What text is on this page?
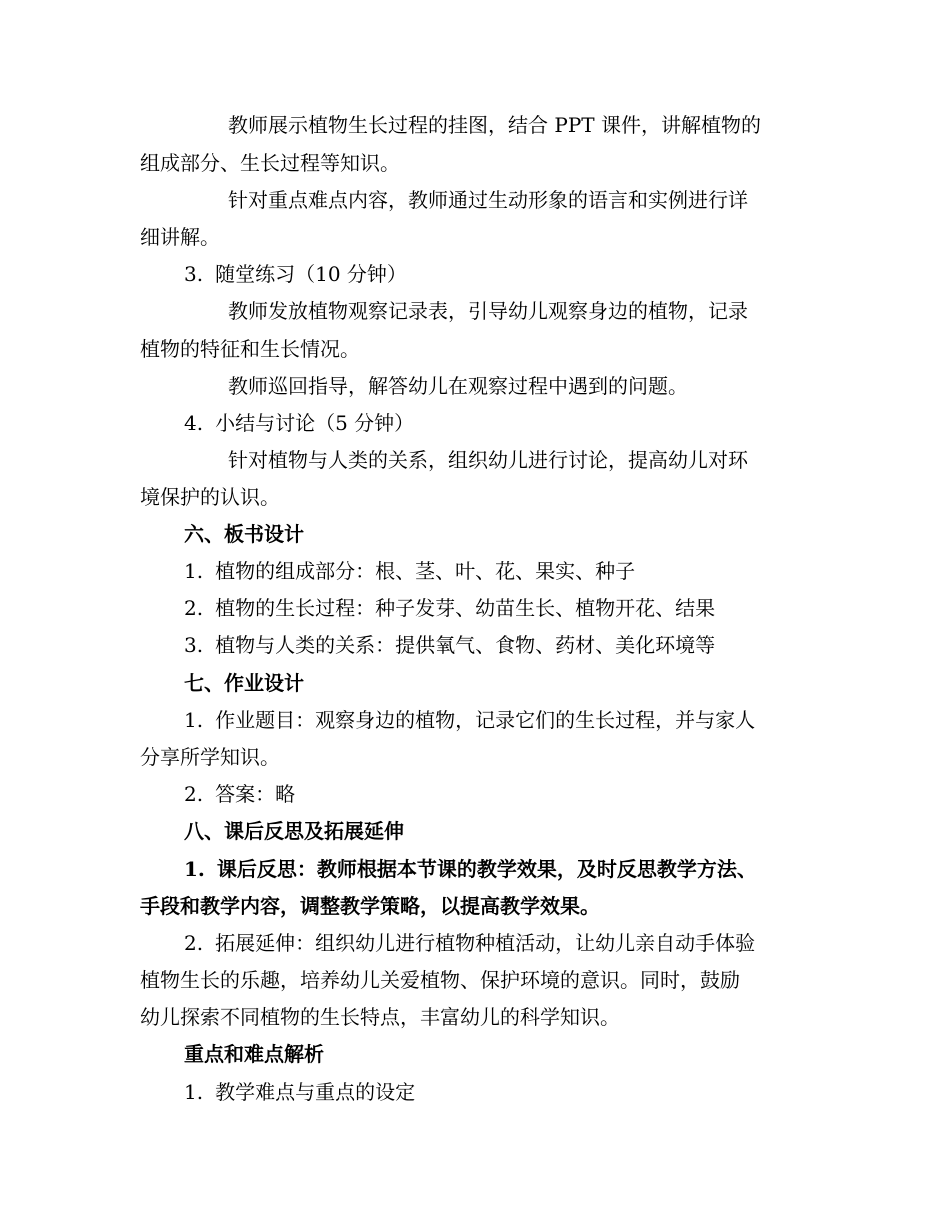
教师展示植物生长过程的挂图，结合 PPT 课件，讲解植物的
组成部分、生长过程等知识。
针对重点难点内容，教师通过生动形象的语言和实例进行详
细讲解。
3. 随堂练习（10 分钟）
教师发放植物观察记录表，引导幼儿观察身边的植物，记录
植物的特征和生长情况。
教师巡回指导，解答幼儿在观察过程中遇到的问题。
4. 小结与讨论（5 分钟）
针对植物与人类的关系，组织幼儿进行讨论，提高幼儿对环
境保护的认识。
六、板书设计
1. 植物的组成部分：根、茎、叶、花、果实、种子
2. 植物的生长过程：种子发芽、幼苗生长、植物开花、结果
3. 植物与人类的关系：提供氧气、食物、药材、美化环境等
七、作业设计
1. 作业题目：观察身边的植物，记录它们的生长过程，并与家人
分享所学知识。
2. 答案：略
八、课后反思及拓展延伸
1. 课后反思：教师根据本节课的教学效果，及时反思教学方法、
手段和教学内容，调整教学策略，以提高教学效果。
2. 拓展延伸：组织幼儿进行植物种植活动，让幼儿亲自动手体验
植物生长的乐趣，培养幼儿关爱植物、保护环境的意识。同时，鼓励
幼儿探索不同植物的生长特点，丰富幼儿的科学知识。
重点和难点解析
1. 教学难点与重点的设定
